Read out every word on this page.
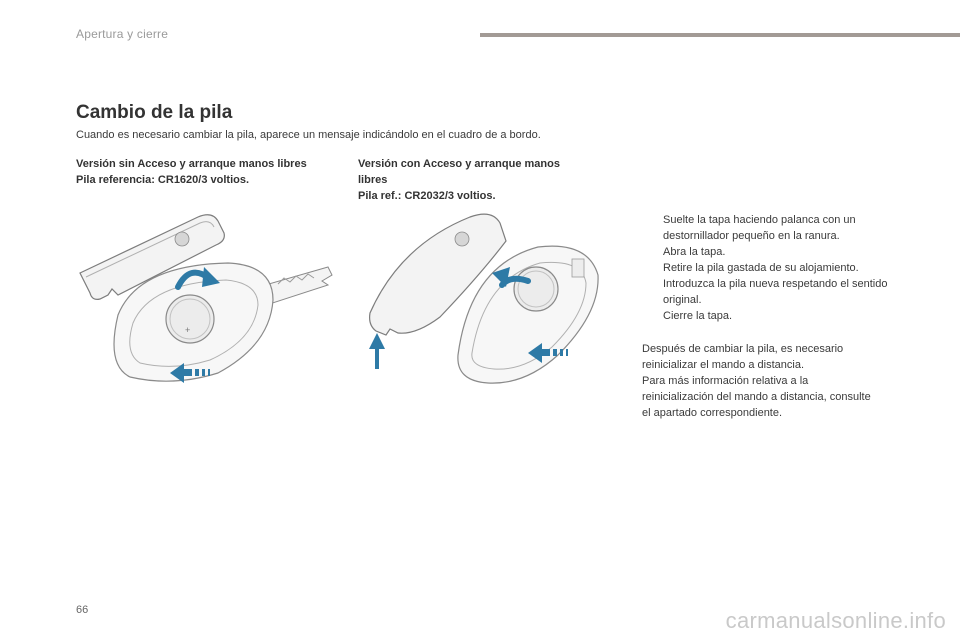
Apertura y cierre
Cambio de la pila
Cuando es necesario cambiar la pila, aparece un mensaje indicándolo en el cuadro de a bordo.
Versión sin Acceso y arranque manos libres
Pila referencia: CR1620/3 voltios.
Versión con Acceso y arranque manos
libres
Pila ref.: CR2032/3 voltios.
+
Suelte la tapa haciendo palanca con un destornillador pequeño en la ranura.
Abra la tapa.
Retire la pila gastada de su alojamiento.
Introduzca la pila nueva respetando el sentido original.
Cierre la tapa.
Después de cambiar la pila, es necesario
reinicializar el mando a distancia.
Para más información relativa a la
reinicialización del mando a distancia, consulte
el apartado correspondiente.
66	carmanualsonline.info
